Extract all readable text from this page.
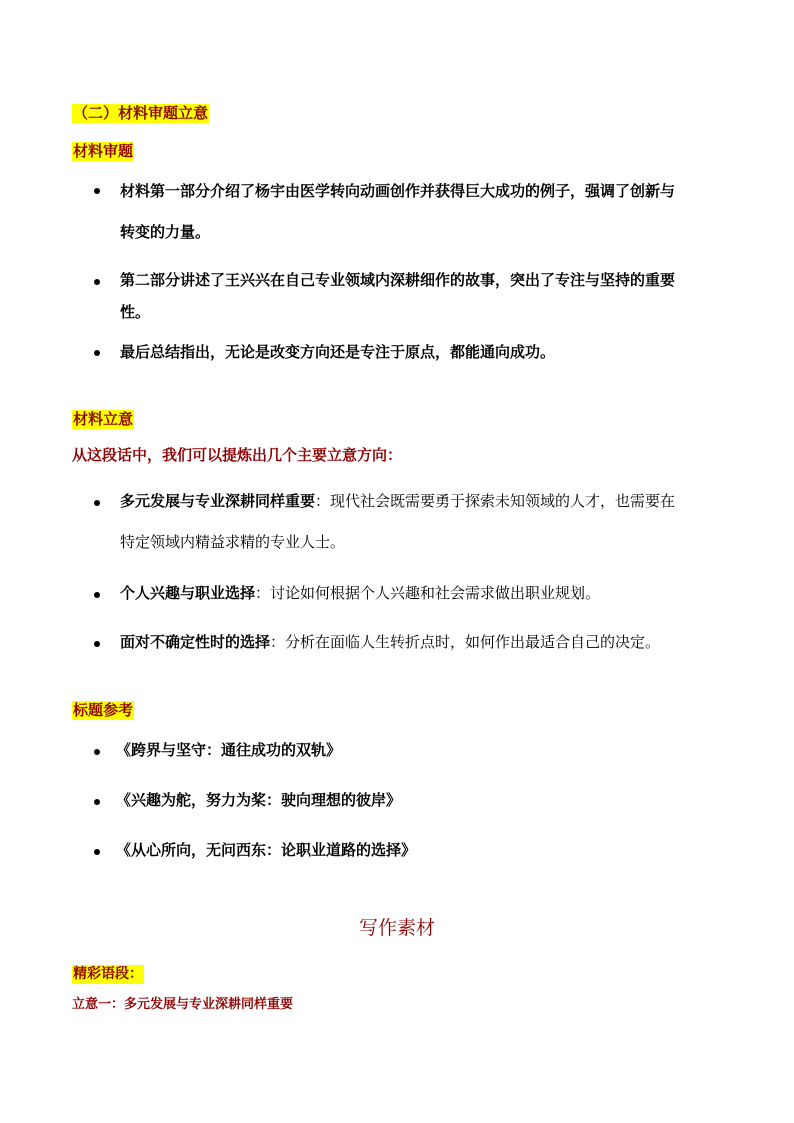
（二）材料审题立意
材料审题
材料第一部分介绍了杨宇由医学转向动画创作并获得巨大成功的例子，强调了创新与
转变的力量。
第二部分讲述了王兴兴在自己专业领域内深耕细作的故事，突出了专注与坚持的重要
性。
最后总结指出，无论是改变方向还是专注于原点，都能通向成功。
材料立意
从这段话中，我们可以提炼出几个主要立意方向：
多元发展与专业深耕同样重要：现代社会既需要勇于探索未知领域的人才，也需要在
特定领域内精益求精的专业人士。
个人兴趣与职业选择：讨论如何根据个人兴趣和社会需求做出职业规划。
面对不确定性时的选择：分析在面临人生转折点时，如何作出最适合自己的决定。
标题参考
《跨界与坚守：通往成功的双轨》
《兴趣为舵，努力为桨：驶向理想的彼岸》
《从心所向，无问西东：论职业道路的选择》
写作素材
精彩语段：
立意一：多元发展与专业深耕同样重要
